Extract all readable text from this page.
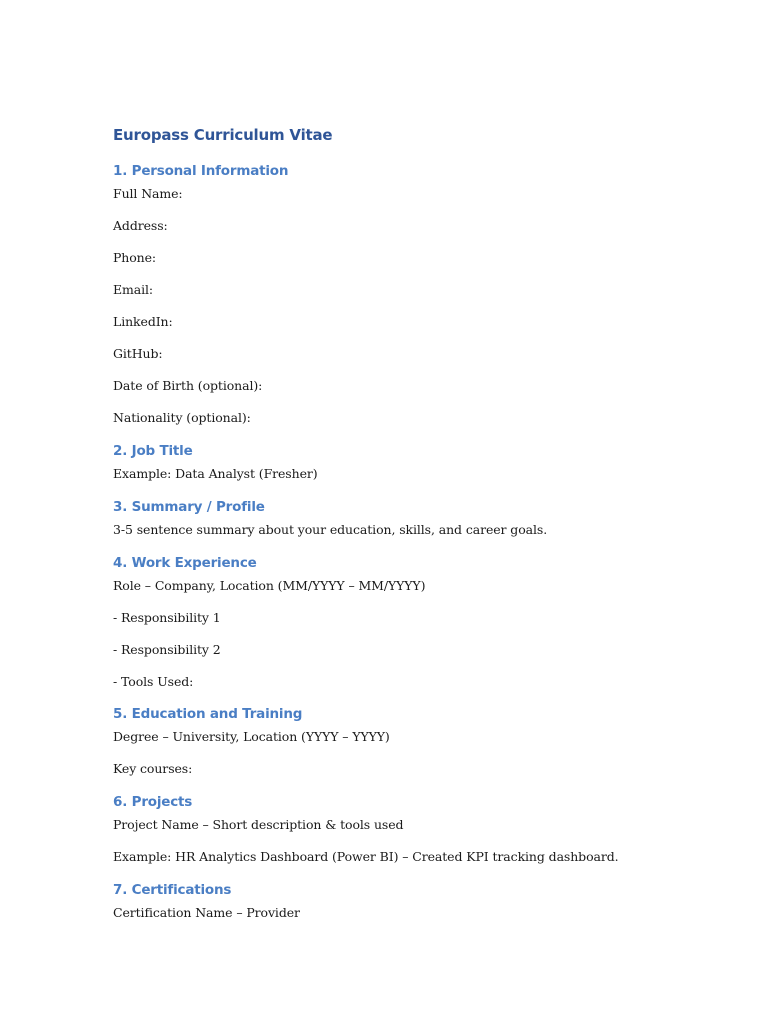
Europass Curriculum Vitae
1. Personal Information
Full Name:
Address:
Phone:
Email:
LinkedIn:
GitHub:
Date of Birth (optional):
Nationality (optional):
2. Job Title
Example: Data Analyst (Fresher)
3. Summary / Profile
3-5 sentence summary about your education, skills, and career goals.
4. Work Experience
Role – Company, Location (MM/YYYY – MM/YYYY)
- Responsibility 1
- Responsibility 2
- Tools Used:
5. Education and Training
Degree – University, Location (YYYY – YYYY)
Key courses:
6. Projects
Project Name – Short description & tools used
Example: HR Analytics Dashboard (Power BI) – Created KPI tracking dashboard.
7. Certifications
Certification Name – Provider
